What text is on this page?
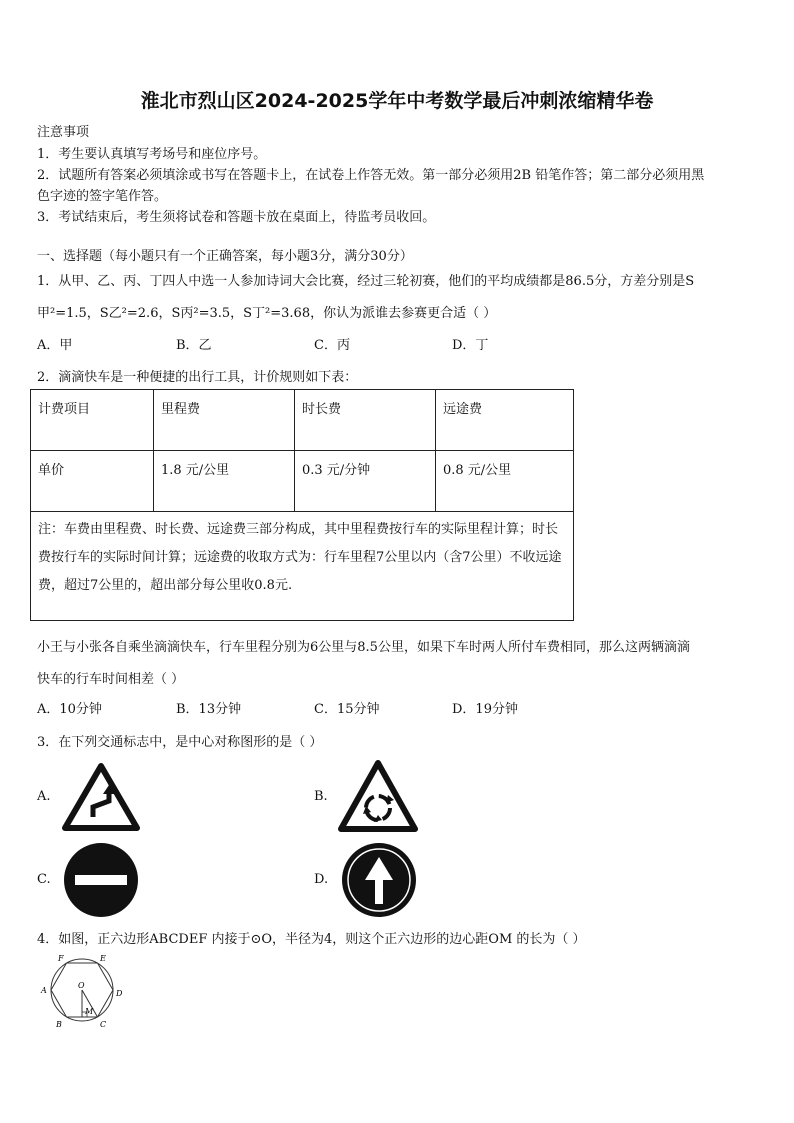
淮北市烈山区2024-2025学年中考数学最后冲刺浓缩精华卷
注意事项
1．考生要认真填写考场号和座位序号。
2．试题所有答案必须填涂或书写在答题卡上，在试卷上作答无效。第一部分必须用2B 铅笔作答；第二部分必须用黑
色字迹的签字笔作答。
3．考试结束后，考生须将试卷和答题卡放在桌面上，待监考员收回。
一、选择题（每小题只有一个正确答案，每小题3分，满分30分）
1．从甲、乙、丙、丁四人中选一人参加诗词大会比赛，经过三轮初赛，他们的平均成绩都是86.5分，方差分别是S
甲²=1.5，S乙²=2.6，S丙²=3.5，S丁²=3.68，你认为派谁去参赛更合适（ ）
A．甲	B．乙	C．丙	D．丁
2．滴滴快车是一种便捷的出行工具，计价规则如下表：
计费项目	里程费	时长费	远途费
单价	1.8 元/公里	0.3 元/分钟	0.8 元/公里
注：车费由里程费、时长费、远途费三部分构成，其中里程费按行车的实际里程计算；时长费按行车的实际时间计算；远途费的收取方式为：行车里程7公里以内（含7公里）不收远途费，超过7公里的，超出部分每公里收0.8元.			
小王与小张各自乘坐滴滴快车，行车里程分别为6公里与8.5公里，如果下车时两人所付车费相同，那么这两辆滴滴
快车的行车时间相差（ ）
A．10分钟	B．13分钟	C．15分钟	D．19分钟
3．在下列交通标志中，是中心对称图形的是（ ）
A.	B.
C.	D.
4．如图，正六边形ABCDEF 内接于⊙O，半径为4，则这个正六边形的边心距OM 的长为（ ）
O
M
A
B	C
D
E
F
